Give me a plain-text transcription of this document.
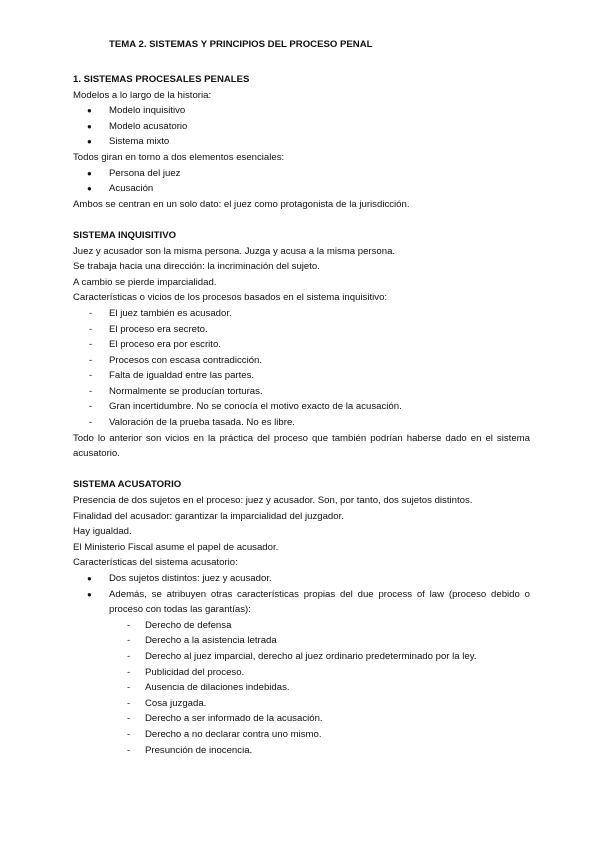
TEMA 2. SISTEMAS Y PRINCIPIOS DEL PROCESO PENAL
1. SISTEMAS PROCESALES PENALES
Modelos a lo largo de la historia:
● Modelo inquisitivo
● Modelo acusatorio
● Sistema mixto
Todos giran en torno a dos elementos esenciales:
● Persona del juez
● Acusación
Ambos se centran en un solo dato: el juez como protagonista de la jurisdicción.
SISTEMA INQUISITIVO
Juez y acusador son la misma persona. Juzga y acusa a la misma persona.
Se trabaja hacia una dirección: la incriminación del sujeto.
A cambio se pierde imparcialidad.
Características o vicios de los procesos basados en el sistema inquisitivo:
- El juez también es acusador.
- El proceso era secreto.
- El proceso era por escrito.
- Procesos con escasa contradicción.
- Falta de igualdad entre las partes.
- Normalmente se producían torturas.
- Gran incertidumbre. No se conocía el motivo exacto de la acusación.
- Valoración de la prueba tasada. No es libre.
Todo lo anterior son vicios en la práctica del proceso que también podrían haberse dado en el sistema acusatorio.
SISTEMA ACUSATORIO
Presencia de dos sujetos en el proceso: juez y acusador. Son, por tanto, dos sujetos distintos.
Finalidad del acusador: garantizar la imparcialidad del juzgador.
Hay igualdad.
El Ministerio Fiscal asume el papel de acusador.
Características del sistema acusatorio:
● Dos sujetos distintos: juez y acusador.
● Además, se atribuyen otras características propias del due process of law (proceso debido o proceso con todas las garantías):
- Derecho de defensa
- Derecho a la asistencia letrada
- Derecho al juez imparcial, derecho al juez ordinario predeterminado por la ley.
- Publicidad del proceso.
- Ausencia de dilaciones indebidas.
- Cosa juzgada.
- Derecho a ser informado de la acusación.
- Derecho a no declarar contra uno mismo.
- Presunción de inocencia.
